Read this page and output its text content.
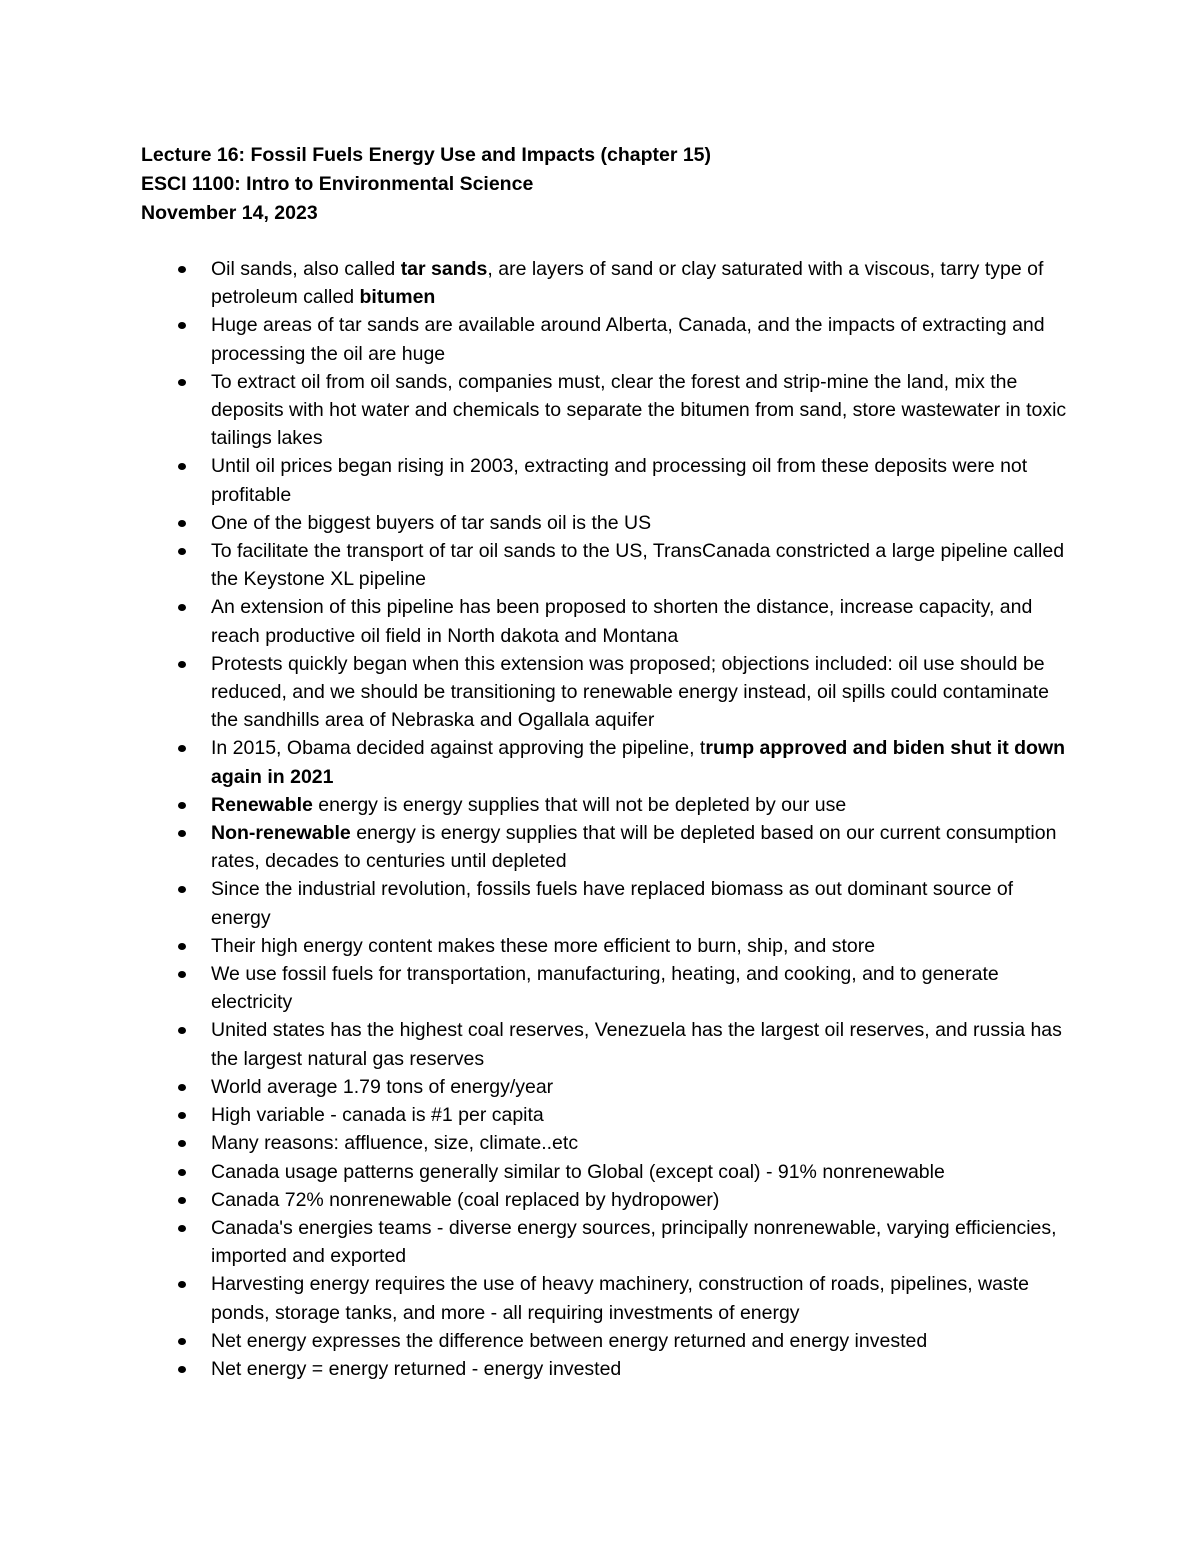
Lecture 16: Fossil Fuels Energy Use and Impacts (chapter 15)
ESCI 1100: Intro to Environmental Science
November 14, 2023
Oil sands, also called tar sands, are layers of sand or clay saturated with a viscous, tarry type of petroleum called bitumen
Huge areas of tar sands are available around Alberta, Canada, and the impacts of extracting and processing the oil are huge
To extract oil from oil sands, companies must, clear the forest and strip-mine the land, mix the deposits with hot water and chemicals to separate the bitumen from sand, store wastewater in toxic tailings lakes
Until oil prices began rising in 2003, extracting and processing oil from these deposits were not profitable
One of the biggest buyers of tar sands oil is the US
To facilitate the transport of tar oil sands to the US, TransCanada constricted a large pipeline called the Keystone XL pipeline
An extension of this pipeline has been proposed to shorten the distance, increase capacity, and reach productive oil field in North dakota and Montana
Protests quickly began when this extension was proposed; objections included: oil use should be reduced, and we should be transitioning to renewable energy instead, oil spills could contaminate the sandhills area of Nebraska and Ogallala aquifer
In 2015, Obama decided against approving the pipeline, trump approved and biden shut it down again in 2021
Renewable energy is energy supplies that will not be depleted by our use
Non-renewable energy is energy supplies that will be depleted based on our current consumption rates, decades to centuries until depleted
Since the industrial revolution, fossils fuels have replaced biomass as out dominant source of energy
Their high energy content makes these more efficient to burn, ship, and store
We use fossil fuels for transportation, manufacturing, heating, and cooking, and to generate electricity
United states has the highest coal reserves, Venezuela has the largest oil reserves, and russia has the largest natural gas reserves
World average 1.79 tons of energy/year
High variable - canada is #1 per capita
Many reasons: affluence, size, climate..etc
Canada usage patterns generally similar to Global (except coal) - 91% nonrenewable
Canada 72% nonrenewable (coal replaced by hydropower)
Canada's energies teams - diverse energy sources, principally nonrenewable, varying efficiencies, imported and exported
Harvesting energy requires the use of heavy machinery, construction of roads, pipelines, waste ponds, storage tanks, and more - all requiring investments of energy
Net energy expresses the difference between energy returned and energy invested
Net energy = energy returned - energy invested
